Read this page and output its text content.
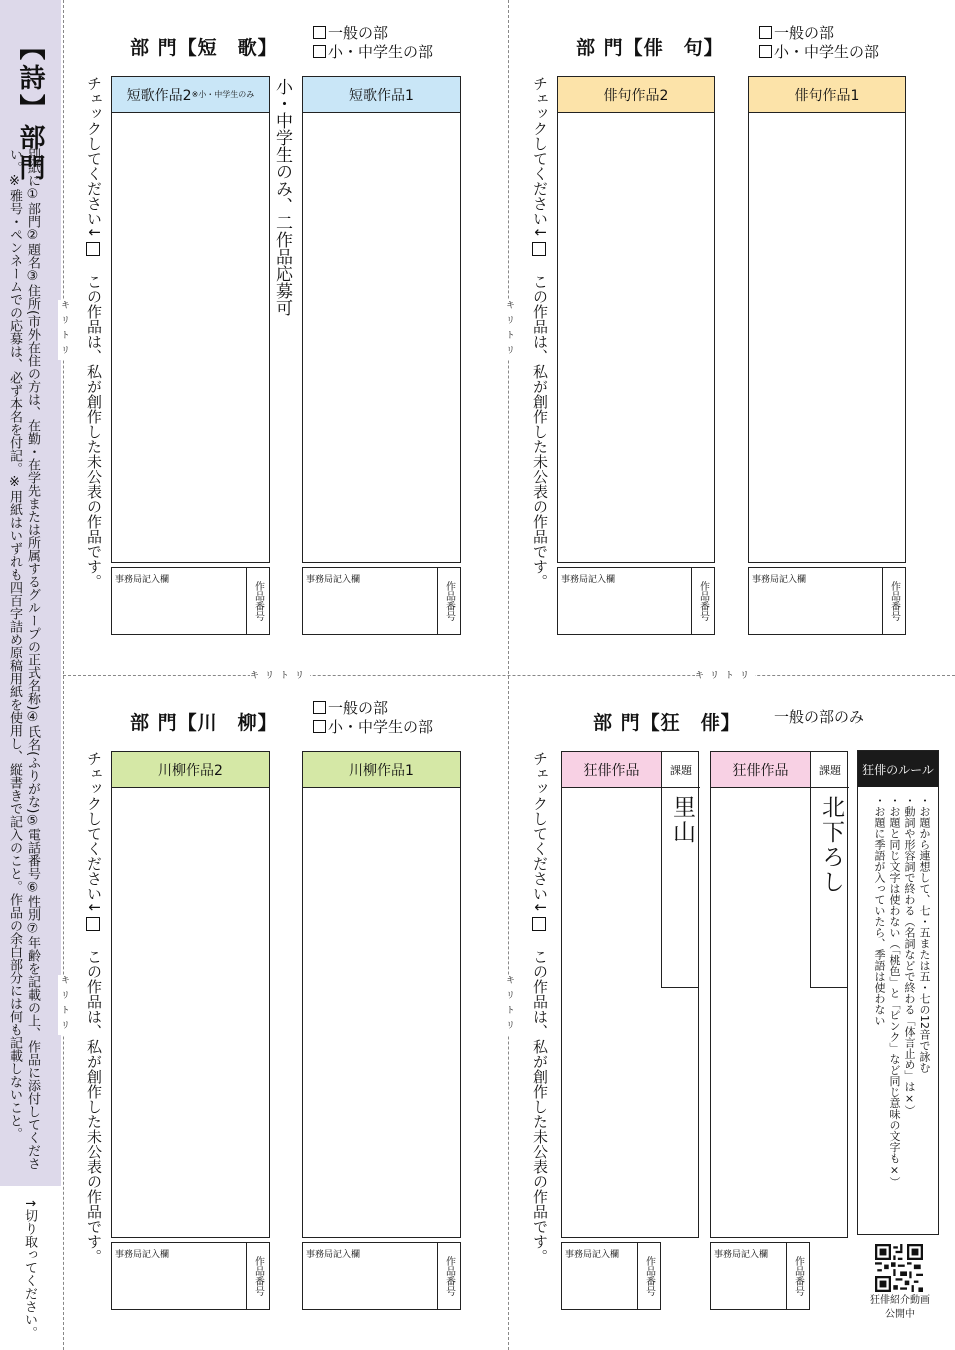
【詩】部門
別紙に①部門②題名③住所(市外在住の方は、在勤・在学先または所属するグループの正式名称)④氏名(ふりがな)⑤電話番号⑥性別⑦年齢を記載の上、作品に添付してください。※雅号・ペンネームでの応募は、必ず本名を付記。※用紙はいずれも四百字詰め原稿用紙を使用し、縦書きで記入のこと。作品の余白部分には何も記載しないこと。
↑切り取ってください。
キリトリ	キリトリ
キリトリ
キリトリ
キリトリ
キリトリ
部 門【短　歌】
一般の部
小・中学生の部
チェックしてください↓　この作品は、私が創作した未公表の作品です。
短歌作品2 ※小・中学生のみ 小・中学生のみ、二作品応募可	短歌作品1
事務局記入欄
作品番号
事務局記入欄
作品番号
部 門【俳　句】
一般の部
小・中学生の部
チェックしてください↓　この作品は、私が創作した未公表の作品です。
俳句作品2	俳句作品1
事務局記入欄
作品番号
事務局記入欄
作品番号
部 門【川　柳】
一般の部
小・中学生の部
チェックしてください↓　この作品は、私が創作した未公表の作品です。
川柳作品2	川柳作品1
事務局記入欄
作品番号
事務局記入欄
作品番号
部 門【狂　俳】 一般の部のみ
チェックしてください↓　この作品は、私が創作した未公表の作品です。
狂俳作品	課題
里山
狂俳作品	課題
北下ろし
事務局記入欄
作品番号
事務局記入欄
作品番号
狂俳のルール
・お題から連想して、七・五または五・七の12音で詠む
・動詞や形容詞で終わる（名詞などで終わる「体言止め」は×）
・お題と同じ文字は使わない（「桃色」と「ピンク」など同じ意味の文字も×）
・お題に季語が入っていたら、季語は使わない
狂俳紹介動画
公開中
